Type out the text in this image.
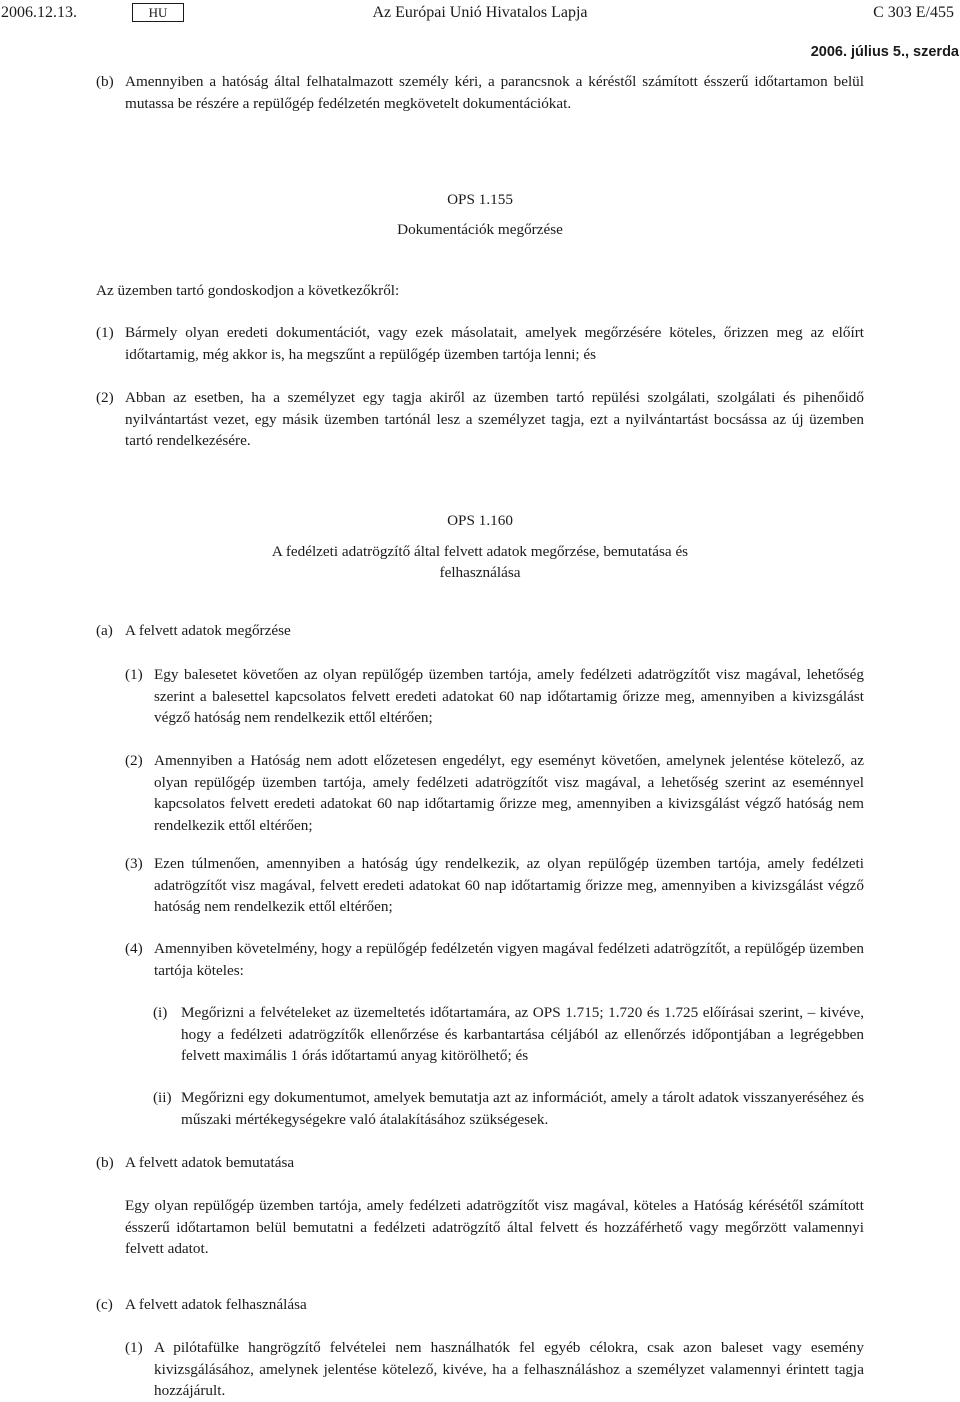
Az Európai Unió Hivatalos Lapja
2006.12.13.	HU	C 303 E/455
2006. július 5., szerda
(b) Amennyiben a hatóság által felhatalmazott személy kéri, a parancsnok a kéréstől számított ésszerű időtartamon belül mutassa be részére a repülőgép fedélzetén megkövetelt dokumentációkat.
OPS 1.155
Dokumentációk megőrzése
Az üzemben tartó gondoskodjon a következőkről:
(1) Bármely olyan eredeti dokumentációt, vagy ezek másolatait, amelyek megőrzésére köteles, őrizzen meg az előírt időtartamig, még akkor is, ha megszűnt a repülőgép üzemben tartója lenni; és
(2) Abban az esetben, ha a személyzet egy tagja akiről az üzemben tartó repülési szolgálati, szolgálati és pihenőidő nyilvántartást vezet, egy másik üzemben tartónál lesz a személyzet tagja, ezt a nyilvántartást bocsássa az új üzemben tartó rendelkezésére.
OPS 1.160
A fedélzeti adatrögzítő által felvett adatok megőrzése, bemutatása és
felhasználása
(a) A felvett adatok megőrzése
(1) Egy balesetet követően az olyan repülőgép üzemben tartója, amely fedélzeti adatrögzítőt visz magával, lehetőség szerint a balesettel kapcsolatos felvett eredeti adatokat 60 nap időtartamig őrizze meg, amennyiben a kivizsgálást végző hatóság nem rendelkezik ettől eltérően;
(2) Amennyiben a Hatóság nem adott előzetesen engedélyt, egy eseményt követően, amelynek jelentése kötelező, az olyan repülőgép üzemben tartója, amely fedélzeti adatrögzítőt visz magával, a lehetőség szerint az eseménnyel kapcsolatos felvett eredeti adatokat 60 nap időtartamig őrizze meg, amennyiben a kivizsgálást végző hatóság nem rendelkezik ettől eltérően;
(3) Ezen túlmenően, amennyiben a hatóság úgy rendelkezik, az olyan repülőgép üzemben tartója, amely fedélzeti adatrögzítőt visz magával, felvett eredeti adatokat 60 nap időtartamig őrizze meg, amennyiben a kivizsgálást végző hatóság nem rendelkezik ettől eltérően;
(4) Amennyiben követelmény, hogy a repülőgép fedélzetén vigyen magával fedélzeti adatrögzítőt, a repülőgép üzemben tartója köteles:
(i) Megőrizni a felvételeket az üzemeltetés időtartamára, az OPS 1.715; 1.720 és 1.725 előírásai szerint, – kivéve, hogy a fedélzeti adatrögzítők ellenőrzése és karbantartása céljából az ellenőrzés időpontjában a legrégebben felvett maximális 1 órás időtartamú anyag kitörölhető; és
(ii) Megőrizni egy dokumentumot, amelyek bemutatja azt az információt, amely a tárolt adatok visszanyeréséhez és műszaki mértékegységekre való átalakításához szükségesek.
(b) A felvett adatok bemutatása
Egy olyan repülőgép üzemben tartója, amely fedélzeti adatrögzítőt visz magával, köteles a Hatóság kérésétől számított ésszerű időtartamon belül bemutatni a fedélzeti adatrögzítő által felvett és hozzáférhető vagy megőrzött valamennyi felvett adatot.
(c) A felvett adatok felhasználása
(1) A pilótafülke hangrögzítő felvételei nem használhatók fel egyéb célokra, csak azon baleset vagy esemény kivizsgálásához, amelynek jelentése kötelező, kivéve, ha a felhasználáshoz a személyzet valamennyi érintett tagja hozzájárult.
